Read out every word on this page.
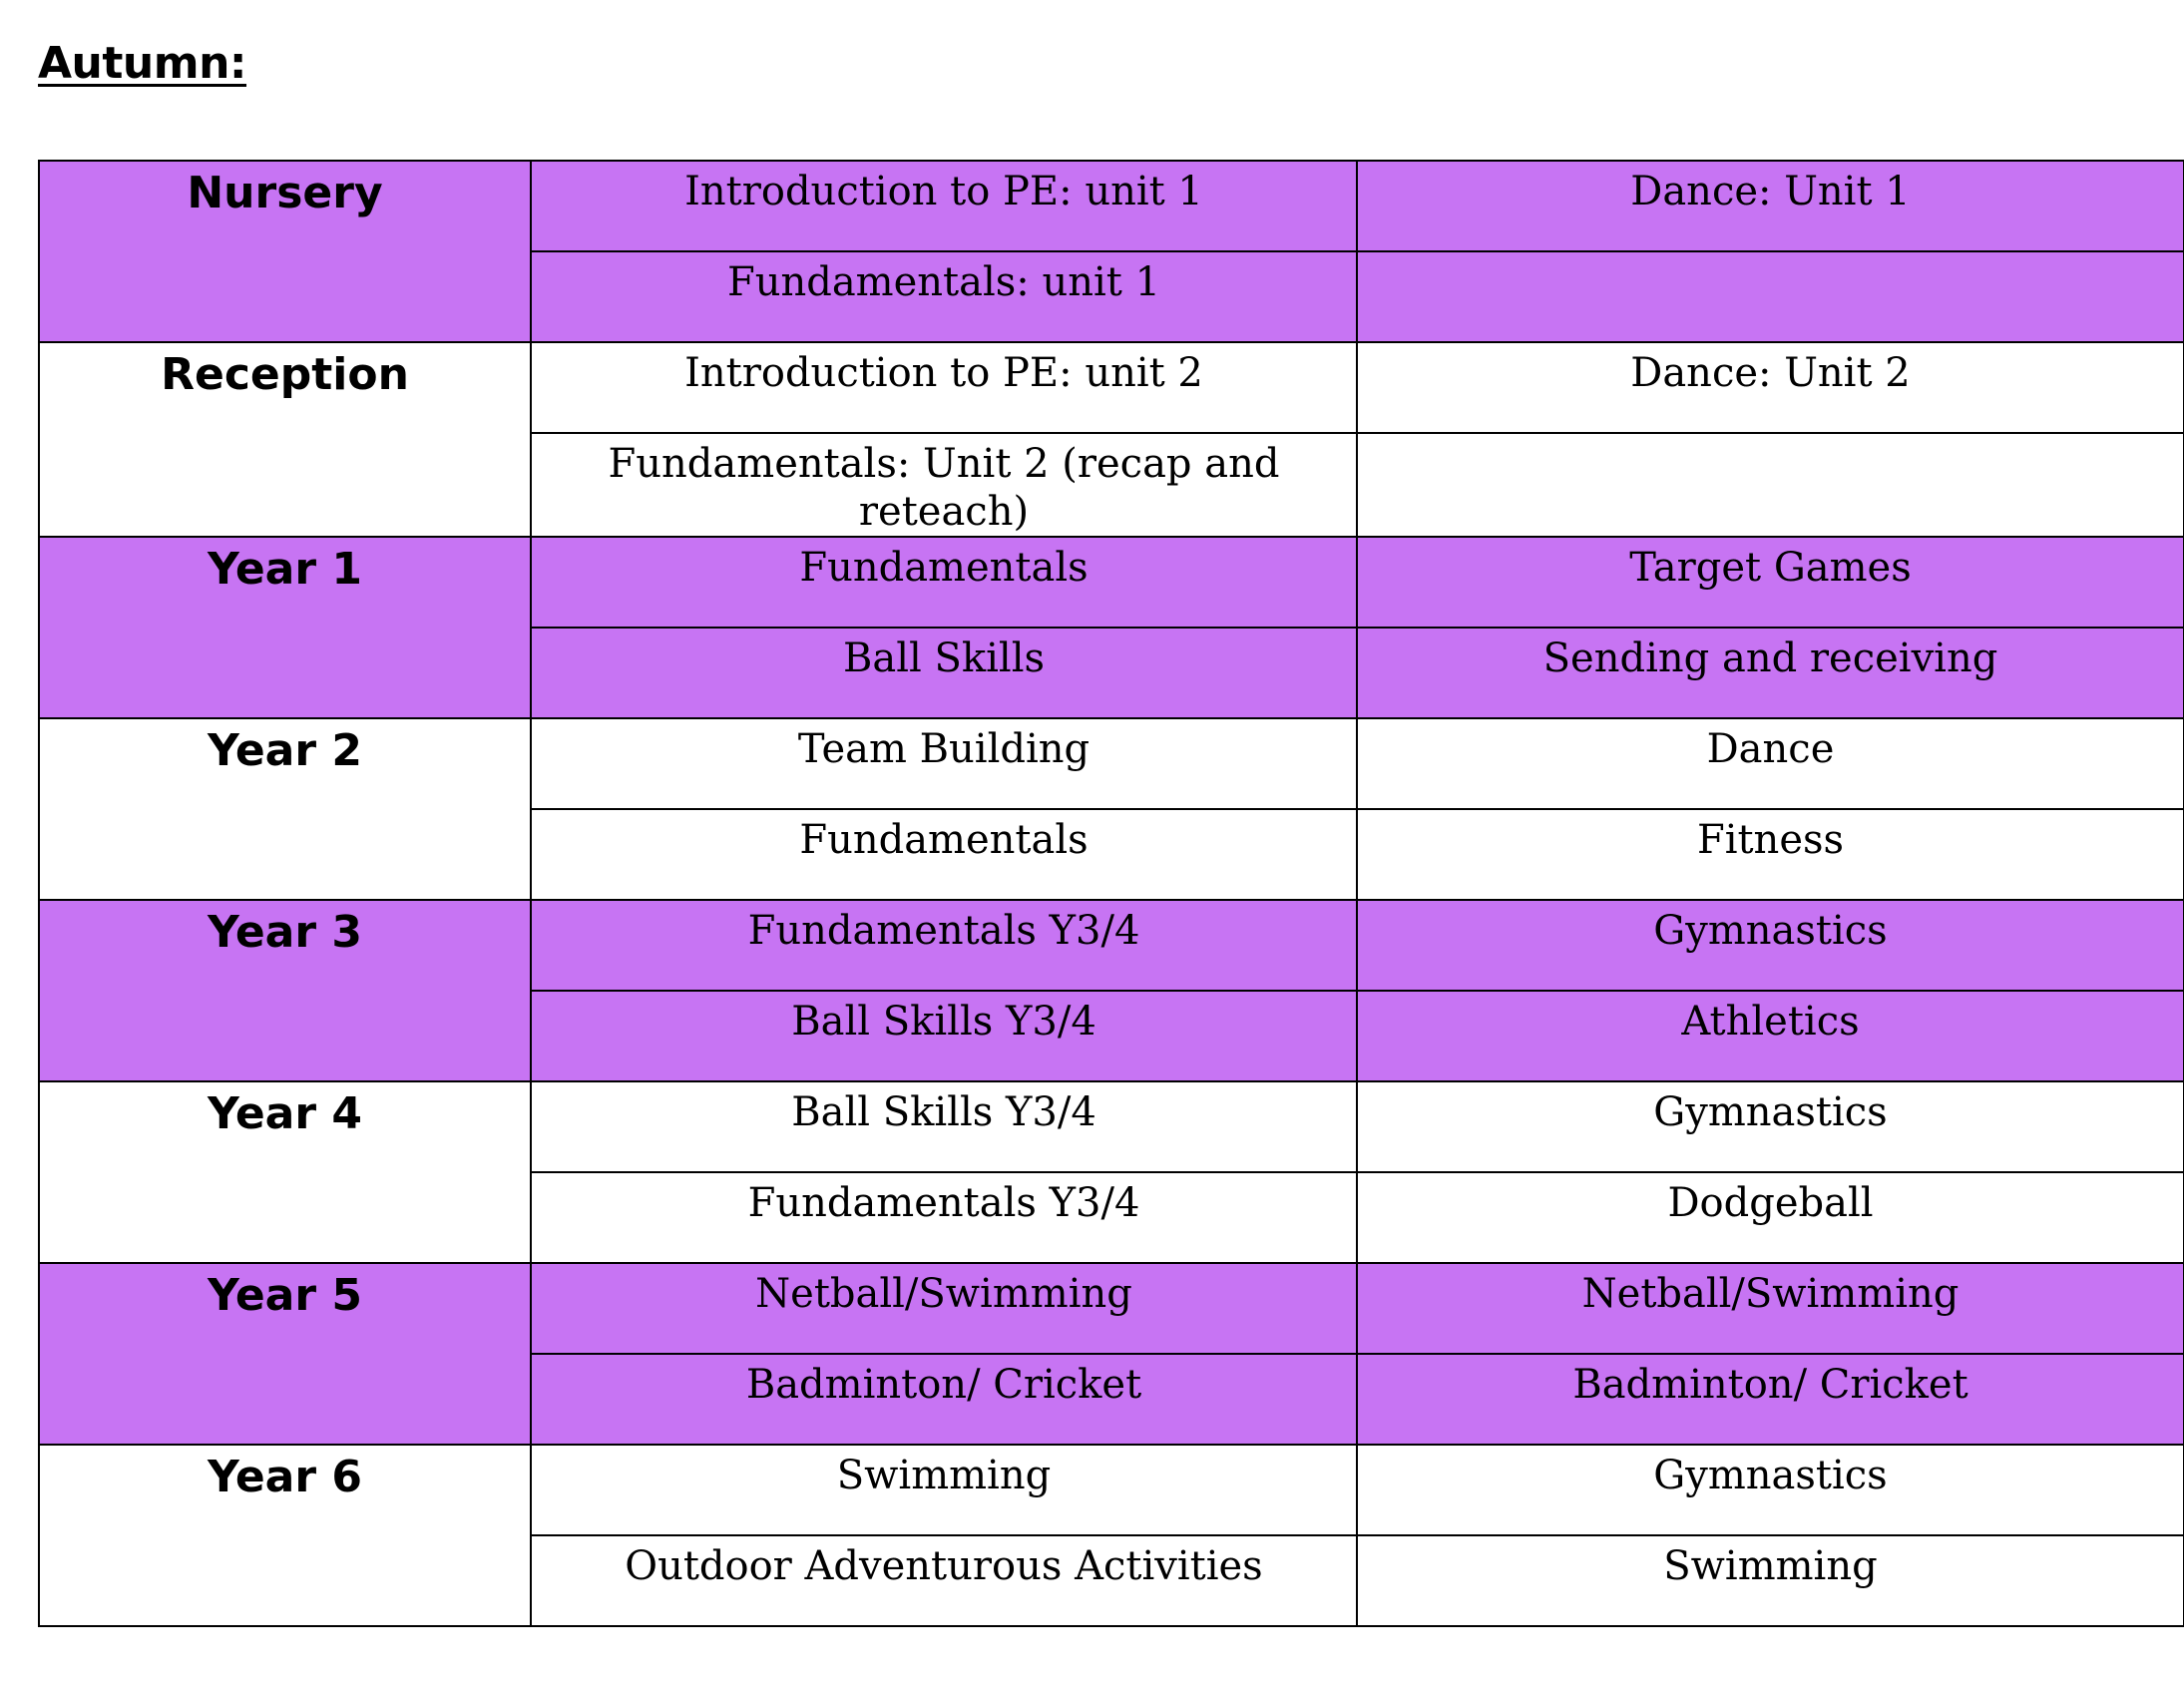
Autumn:
Nursery	Introduction to PE: unit 1	Dance: Unit 1
	Fundamentals: unit 1	
Reception	Introduction to PE: unit 2	Dance: Unit 2
	Fundamentals: Unit 2 (recap and reteach)	
Year 1	Fundamentals	Target Games
	Ball Skills	Sending and receiving
Year 2	Team Building	Dance
	Fundamentals	Fitness
Year 3	Fundamentals Y3/4	Gymnastics
	Ball Skills Y3/4	Athletics
Year 4	Ball Skills Y3/4	Gymnastics
	Fundamentals Y3/4	Dodgeball
Year 5	Netball/Swimming	Netball/Swimming
	Badminton/ Cricket	Badminton/ Cricket
Year 6	Swimming	Gymnastics
	Outdoor Adventurous Activities	Swimming
